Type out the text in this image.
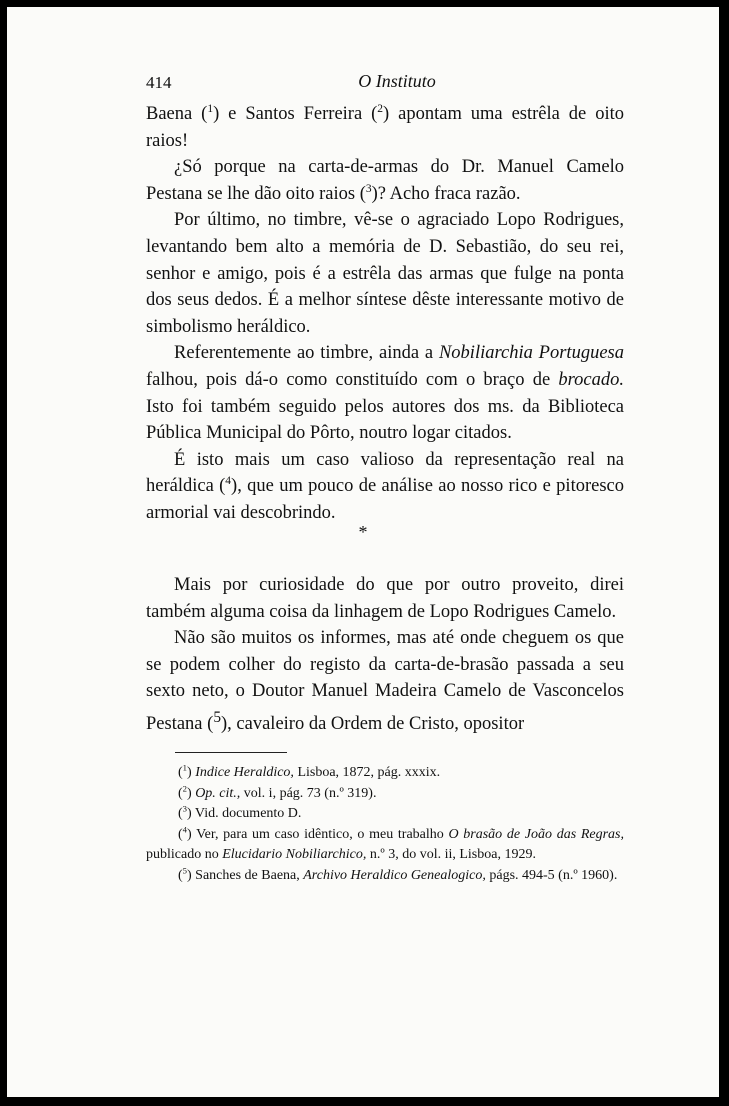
414	O Instituto

Baena ($^1$) e Santos Ferreira ($^2$) apontam uma estrêla de oito raios!

¿Só porque na carta-de-armas do Dr. Manuel Camelo Pestana se lhe dão oito raios ($^3$)? Acho fraca razão.

Por último, no timbre, vê-se o agraciado Lopo Rodrigues, levantando bem alto a memória de D. Sebastião, do seu rei, senhor e amigo, pois é a estrêla das armas que fulge na ponta dos seus dedos. É a melhor síntese dêste interessante motivo de simbolismo heráldico.

Referentemente ao timbre, ainda a Nobiliarchia Portuguesa falhou, pois dá-o como constituído com o braço de brocado. Isto foi também seguido pelos autores dos ms. da Biblioteca Pública Municipal do Pôrto, noutro logar citados.

É isto mais um caso valioso da representação real na heráldica ($^4$), que um pouco de análise ao nosso rico e pitoresco armorial vai descobrindo.

*

Mais por curiosidade do que por outro proveito, direi também alguma coisa da linhagem de Lopo Rodrigues Camelo.

Não são muitos os informes, mas até onde cheguem os que se podem colher do registo da carta-de-brasão passada a seu sexto neto, o Doutor Manuel Madeira Camelo de Vasconcelos Pestana ($^5$), cavaleiro da Ordem de Cristo, opositor

($^1$) Indice Heraldico, Lisboa, 1872, pág. xxxix.

($^2$) Op. cit., vol. i, pág. 73 (n.º 319).

($^3$) Vid. documento D.

($^4$) Ver, para um caso idêntico, o meu trabalho O brasão de João das Regras, publicado no Elucidario Nobiliarchico, n.º 3, do vol. ii, Lisboa, 1929.

($^5$) Sanches de Baena, Archivo Heraldico Genealogico, págs. 494-5 (n.º 1960).
